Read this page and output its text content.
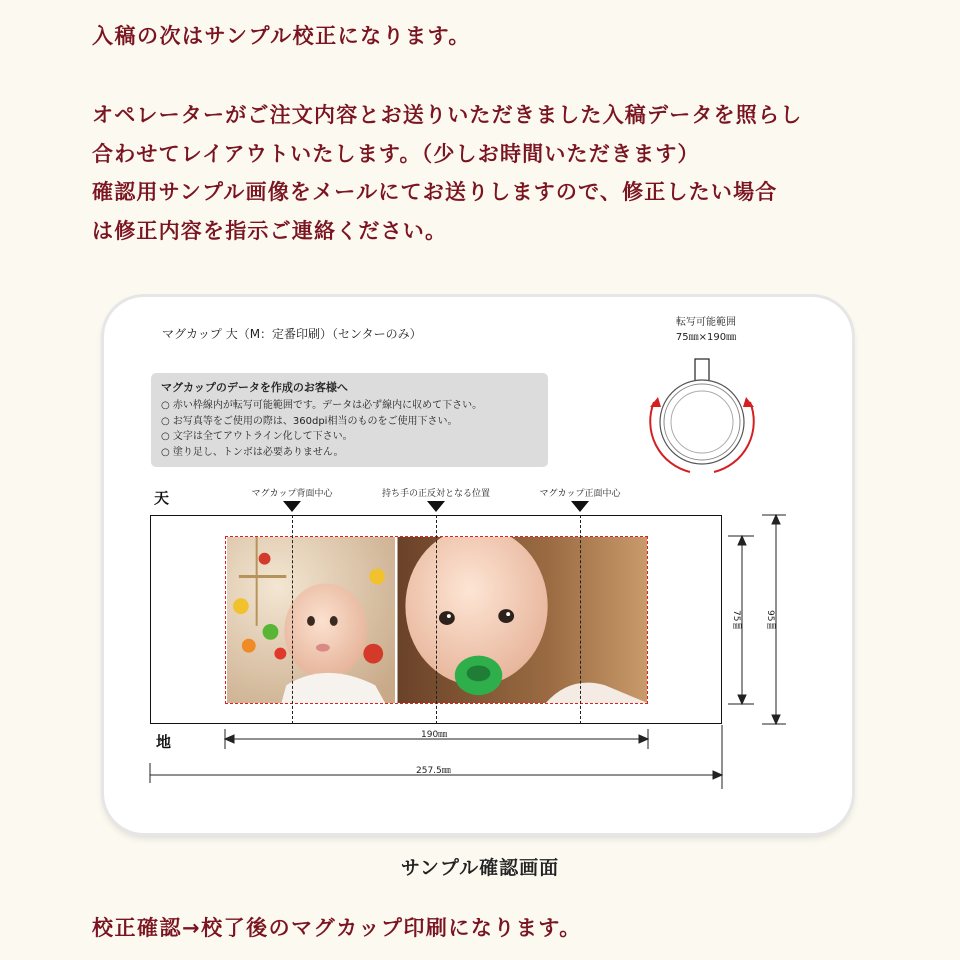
入稿の次はサンプル校正になります。
オペレーターがご注文内容とお送りいただきました入稿データを照らし
合わせてレイアウトいたします。（少しお時間いただきます）
確認用サンプル画像をメールにてお送りしますので、修正したい場合
は修正内容を指示ご連絡ください。
マグカップ 大（M：定番印刷）（センターのみ）
マグカップのデータを作成のお客様へ
○ 赤い枠線内が転写可能範囲です。データは必ず線内に収めて下さい。
○ お写真等をご使用の際は、360dpi相当のものをご使用下さい。
○ 文字は全てアウトライン化して下さい。
○ 塗り足し、トンボは必要ありません。
転写可能範囲
75㎜×190㎜
天
地
マグカップ背面中心	持ち手の正反対となる位置	マグカップ正面中心
190㎜
257.5㎜
75㎜	95㎜
サンプル確認画面
校正確認→校了後のマグカップ印刷になります。
